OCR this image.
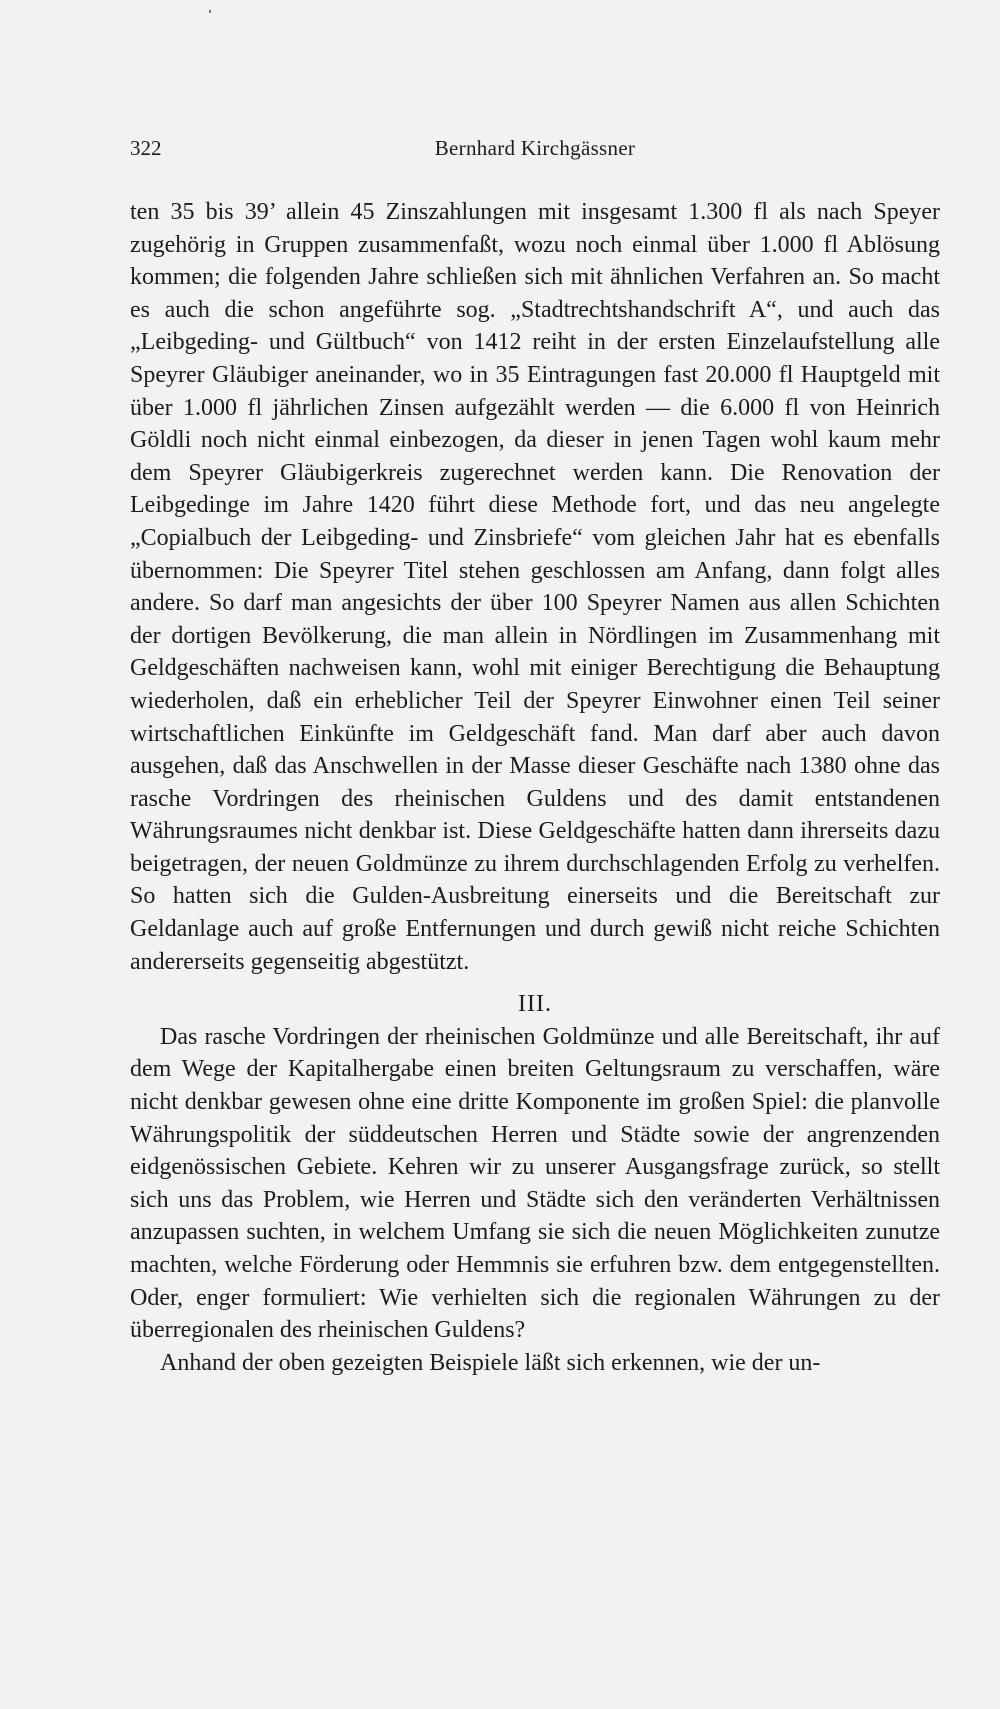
322	Bernhard Kirchgässner

ten 35 bis 39’ allein 45 Zinszahlungen mit insgesamt 1.300 fl als nach Speyer zugehörig in Gruppen zusammenfaßt, wozu noch einmal über 1.000 fl Ablösung kommen; die folgenden Jahre schließen sich mit ähnlichen Verfahren an. So macht es auch die schon angeführte sog. „Stadtrechtshandschrift A“, und auch das „Leibgeding- und Gültbuch“ von 1412 reiht in der ersten Einzelaufstellung alle Speyrer Gläubiger aneinander, wo in 35 Eintragungen fast 20.000 fl Hauptgeld mit über 1.000 fl jährlichen Zinsen aufgezählt werden — die 6.000 fl von Heinrich Göldli noch nicht einmal einbezogen, da dieser in jenen Tagen wohl kaum mehr dem Speyrer Gläubigerkreis zugerechnet werden kann. Die Renovation der Leibgedinge im Jahre 1420 führt diese Methode fort, und das neu angelegte „Copialbuch der Leibgeding- und Zinsbriefe“ vom gleichen Jahr hat es ebenfalls übernommen: Die Speyrer Titel stehen geschlossen am Anfang, dann folgt alles andere. So darf man angesichts der über 100 Speyrer Namen aus allen Schichten der dortigen Bevölkerung, die man allein in Nördlingen im Zusammenhang mit Geldgeschäften nachweisen kann, wohl mit einiger Berechtigung die Behauptung wiederholen, daß ein erheblicher Teil der Speyrer Einwohner einen Teil seiner wirtschaftlichen Einkünfte im Geldgeschäft fand. Man darf aber auch davon ausgehen, daß das Anschwellen in der Masse dieser Geschäfte nach 1380 ohne das rasche Vordringen des rheinischen Guldens und des damit entstandenen Währungsraumes nicht denkbar ist. Diese Geldgeschäfte hatten dann ihrerseits dazu beigetragen, der neuen Goldmünze zu ihrem durchschlagenden Erfolg zu verhelfen. So hatten sich die Gulden-Ausbreitung einerseits und die Bereitschaft zur Geldanlage auch auf große Entfernungen und durch gewiß nicht reiche Schichten andererseits gegenseitig abgestützt.

III.

Das rasche Vordringen der rheinischen Goldmünze und alle Bereitschaft, ihr auf dem Wege der Kapitalhergabe einen breiten Geltungsraum zu verschaffen, wäre nicht denkbar gewesen ohne eine dritte Komponente im großen Spiel: die planvolle Währungspolitik der süddeutschen Herren und Städte sowie der angrenzenden eidgenössischen Gebiete. Kehren wir zu unserer Ausgangsfrage zurück, so stellt sich uns das Problem, wie Herren und Städte sich den veränderten Verhältnissen anzupassen suchten, in welchem Umfang sie sich die neuen Möglichkeiten zunutze machten, welche Förderung oder Hemmnis sie erfuhren bzw. dem entgegenstellten. Oder, enger formuliert: Wie verhielten sich die regionalen Währungen zu der überregionalen des rheinischen Guldens?

Anhand der oben gezeigten Beispiele läßt sich erkennen, wie der un-
